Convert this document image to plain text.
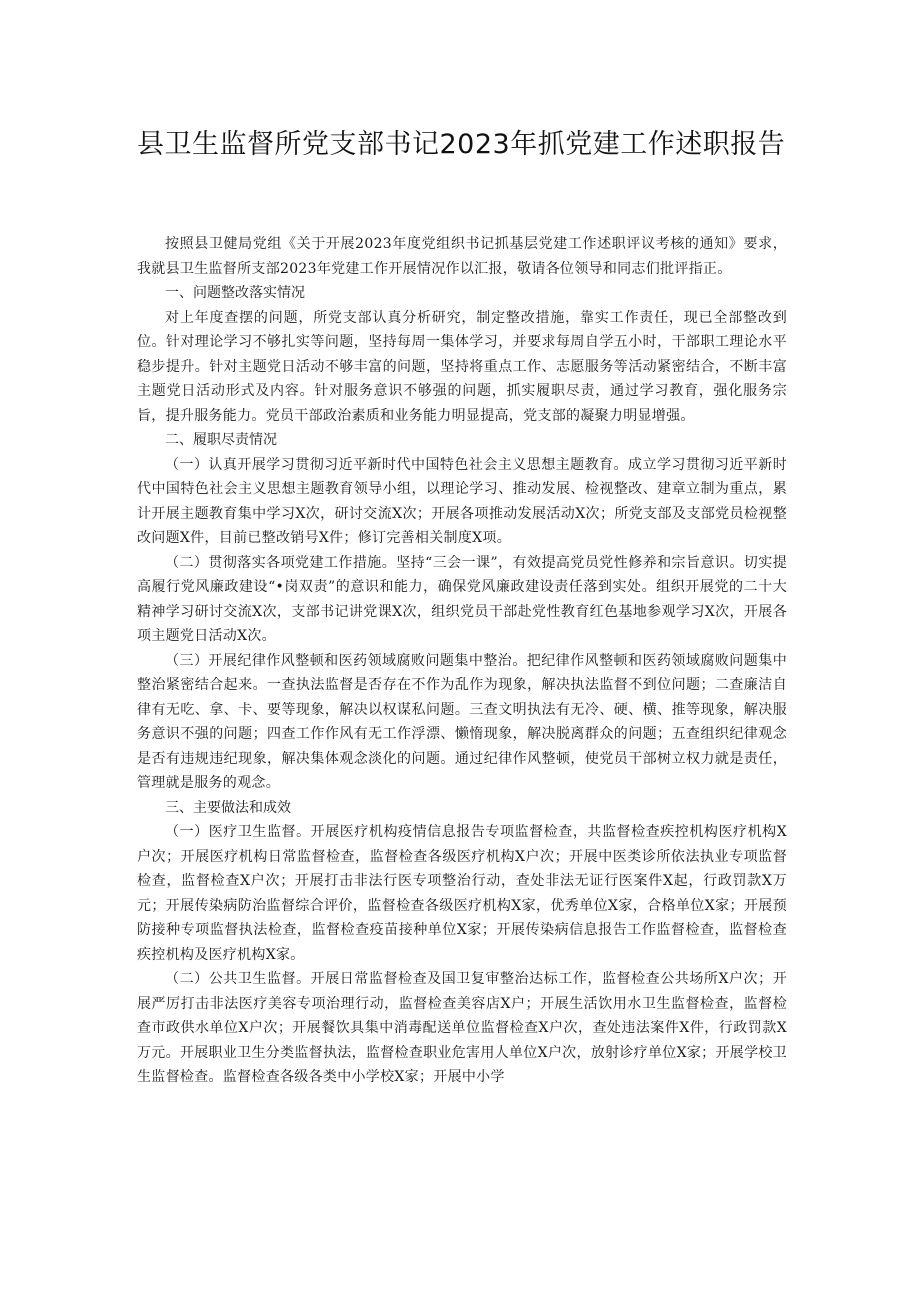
县卫生监督所党支部书记2023年抓党建工作述职报告

按照县卫健局党组《关于开展2023年度党组织书记抓基层党建工作述职评议考核的通知》要求，我就县卫生监督所支部2023年党建工作开展情况作以汇报，敬请各位领导和同志们批评指正。

一、问题整改落实情况

对上年度查摆的问题，所党支部认真分析研究，制定整改措施，靠实工作责任，现已全部整改到位。针对理论学习不够扎实等问题，坚持每周一集体学习，并要求每周自学五小时，干部职工理论水平稳步提升。针对主题党日活动不够丰富的问题，坚持将重点工作、志愿服务等活动紧密结合，不断丰富主题党日活动形式及内容。针对服务意识不够强的问题，抓实履职尽责，通过学习教育，强化服务宗旨，提升服务能力。党员干部政治素质和业务能力明显提高，党支部的凝聚力明显增强。

二、履职尽责情况

（一）认真开展学习贯彻习近平新时代中国特色社会主义思想主题教育。成立学习贯彻习近平新时代中国特色社会主义思想主题教育领导小组，以理论学习、推动发展、检视整改、建章立制为重点，累计开展主题教育集中学习X次，研讨交流X次；开展各项推动发展活动X次；所党支部及支部党员检视整改问题X件，目前已整改销号X件；修订完善相关制度X项。

（二）贯彻落实各项党建工作措施。坚持“三会一课”，有效提高党员党性修养和宗旨意识。切实提高履行党风廉政建设“•岗双责”的意识和能力，确保党风廉政建设责任落到实处。组织开展党的二十大精神学习研讨交流X次，支部书记讲党课X次，组织党员干部赴党性教育红色基地参观学习X次，开展各项主题党日活动X次。

（三）开展纪律作风整顿和医药领域腐败问题集中整治。把纪律作风整顿和医药领域腐败问题集中整治紧密结合起来。一查执法监督是否存在不作为乱作为现象，解决执法监督不到位问题；二查廉洁自律有无吃、拿、卡、要等现象，解决以权谋私问题。三查文明执法有无冷、硬、横、推等现象，解决服务意识不强的问题；四查工作作风有无工作浮漂、懒惰现象，解决脱离群众的问题；五查组织纪律观念是否有违规违纪现象，解决集体观念淡化的问题。通过纪律作风整顿，使党员干部树立权力就是责任，管理就是服务的观念。

三、主要做法和成效

（一）医疗卫生监督。开展医疗机构疫情信息报告专项监督检查，共监督检查疾控机构医疗机构X户次；开展医疗机构日常监督检查，监督检查各级医疗机构X户次；开展中医类诊所依法执业专项监督检查，监督检查X户次；开展打击非法行医专项整治行动，查处非法无证行医案件X起，行政罚款X万元；开展传染病防治监督综合评价，监督检查各级医疗机构X家，优秀单位X家，合格单位X家；开展预防接种专项监督执法检查，监督检查疫苗接种单位X家；开展传染病信息报告工作监督检查，监督检查疾控机构及医疗机构X家。

（二）公共卫生监督。开展日常监督检查及国卫复审整治达标工作，监督检查公共场所X户次；开展严厉打击非法医疗美容专项治理行动，监督检查美容店X户；开展生活饮用水卫生监督检查，监督检查市政供水单位X户次；开展餐饮具集中消毒配送单位监督检查X户次，查处违法案件X件，行政罚款X万元。开展职业卫生分类监督执法，监督检查职业危害用人单位X户次，放射诊疗单位X家；开展学校卫生监督检查。监督检查各级各类中小学校X家；开展中小学
